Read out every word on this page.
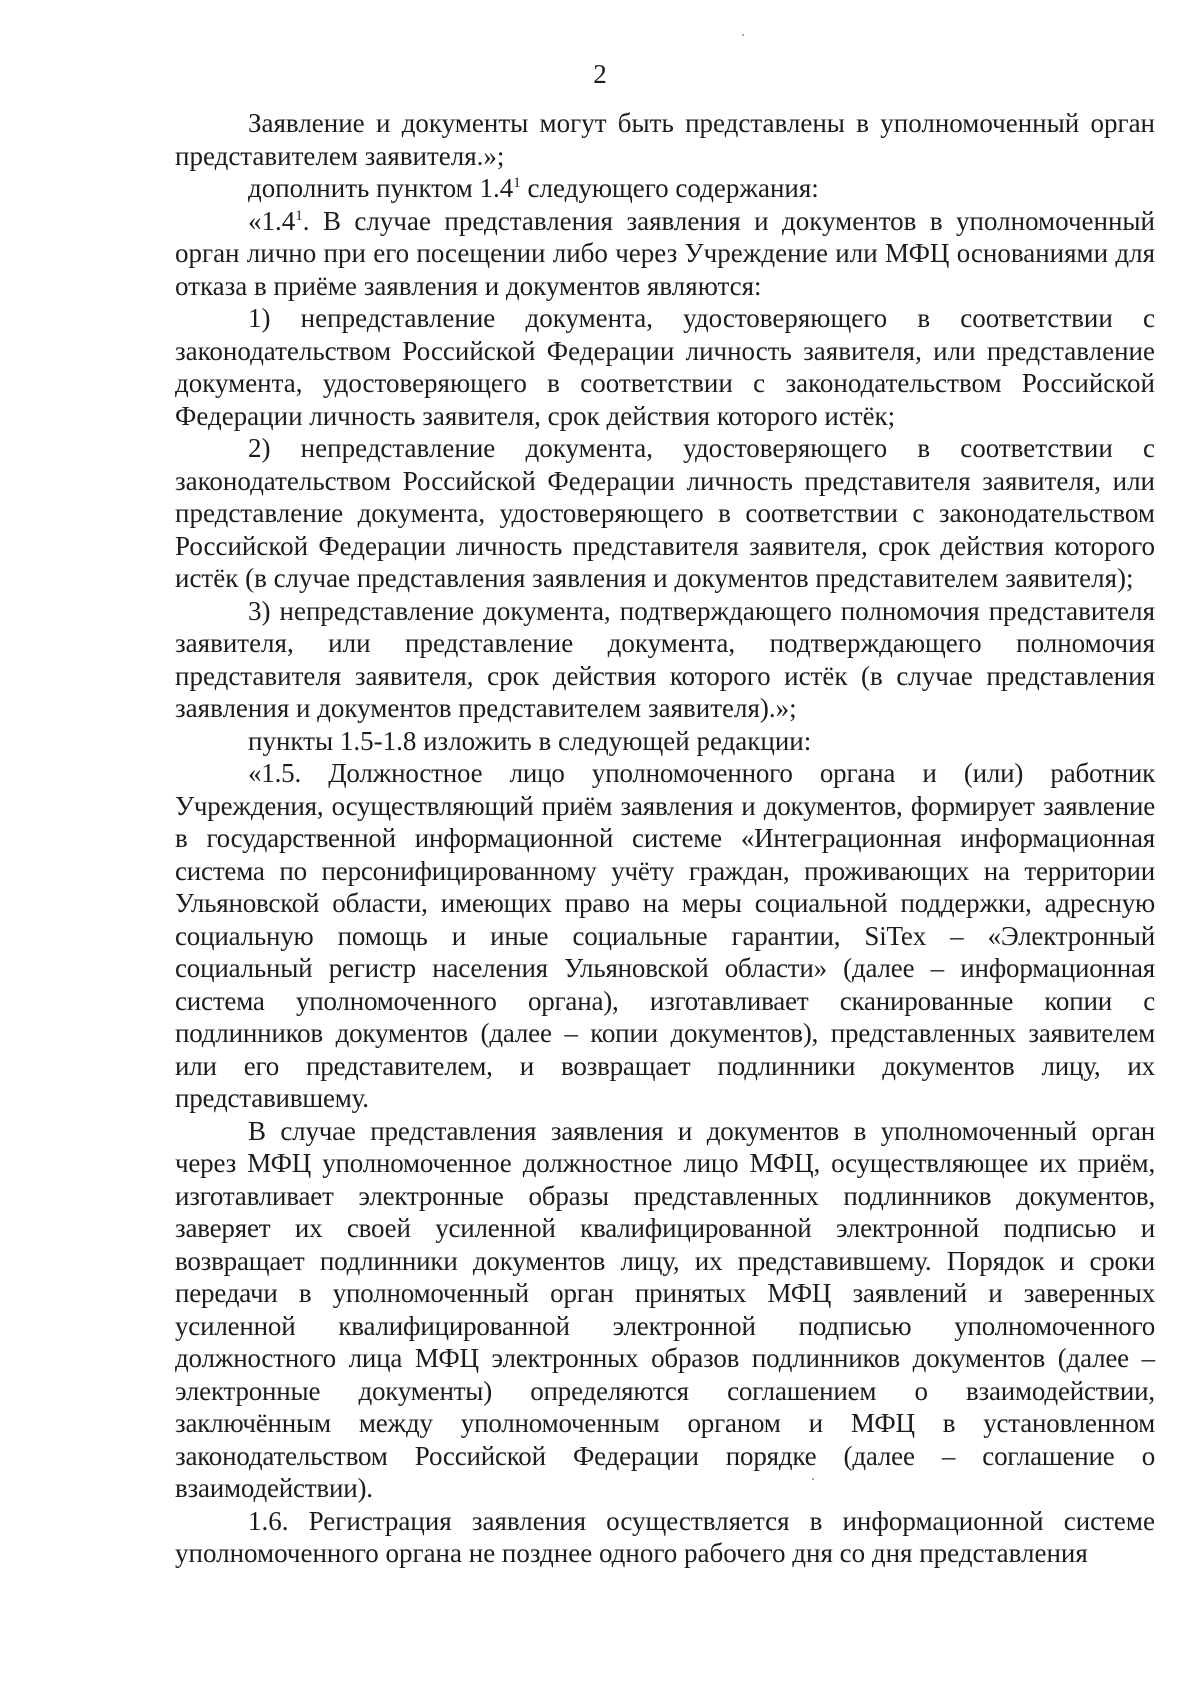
2

Заявление и документы могут быть представлены в уполномоченный орган представителем заявителя.»;

дополнить пунктом $1.4^1$ следующего содержания:

«$1.4^1$. В случае представления заявления и документов в уполномоченный орган лично при его посещении либо через Учреждение или МФЦ основаниями для отказа в приёме заявления и документов являются:

1) непредставление документа, удостоверяющего в соответствии с законодательством Российской Федерации личность заявителя, или представление документа, удостоверяющего в соответствии с законодательством Российской Федерации личность заявителя, срок действия которого истёк;

2) непредставление документа, удостоверяющего в соответствии с законодательством Российской Федерации личность представителя заявителя, или представление документа, удостоверяющего в соответствии с законодательством Российской Федерации личность представителя заявителя, срок действия которого истёк (в случае представления заявления и документов представителем заявителя);

3) непредставление документа, подтверждающего полномочия представителя заявителя, или представление документа, подтверждающего полномочия представителя заявителя, срок действия которого истёк (в случае представления заявления и документов представителем заявителя).»;

пункты 1.5-1.8 изложить в следующей редакции:

«1.5. Должностное лицо уполномоченного органа и (или) работник Учреждения, осуществляющий приём заявления и документов, формирует заявление в государственной информационной системе «Интеграционная информационная система по персонифицированному учёту граждан, проживающих на территории Ульяновской области, имеющих право на меры социальной поддержки, адресную социальную помощь и иные социальные гарантии, SiTex – «Электронный социальный регистр населения Ульяновской области» (далее – информационная система уполномоченного органа), изготавливает сканированные копии с подлинников документов (далее – копии документов), представленных заявителем или его представителем, и возвращает подлинники документов лицу, их представившему.

В случае представления заявления и документов в уполномоченный орган через МФЦ уполномоченное должностное лицо МФЦ, осуществляющее их приём, изготавливает электронные образы представленных подлинников документов, заверяет их своей усиленной квалифицированной электронной подписью и возвращает подлинники документов лицу, их представившему. Порядок и сроки передачи в уполномоченный орган принятых МФЦ заявлений и заверенных усиленной квалифицированной электронной подписью уполномоченного должностного лица МФЦ электронных образов подлинников документов (далее – электронные документы) определяются соглашением о взаимодействии, заключённым между уполномоченным органом и МФЦ в установленном законодательством Российской Федерации порядке (далее – соглашение о взаимодействии).

1.6. Регистрация заявления осуществляется в информационной системе уполномоченного органа не позднее одного рабочего дня со дня представления
